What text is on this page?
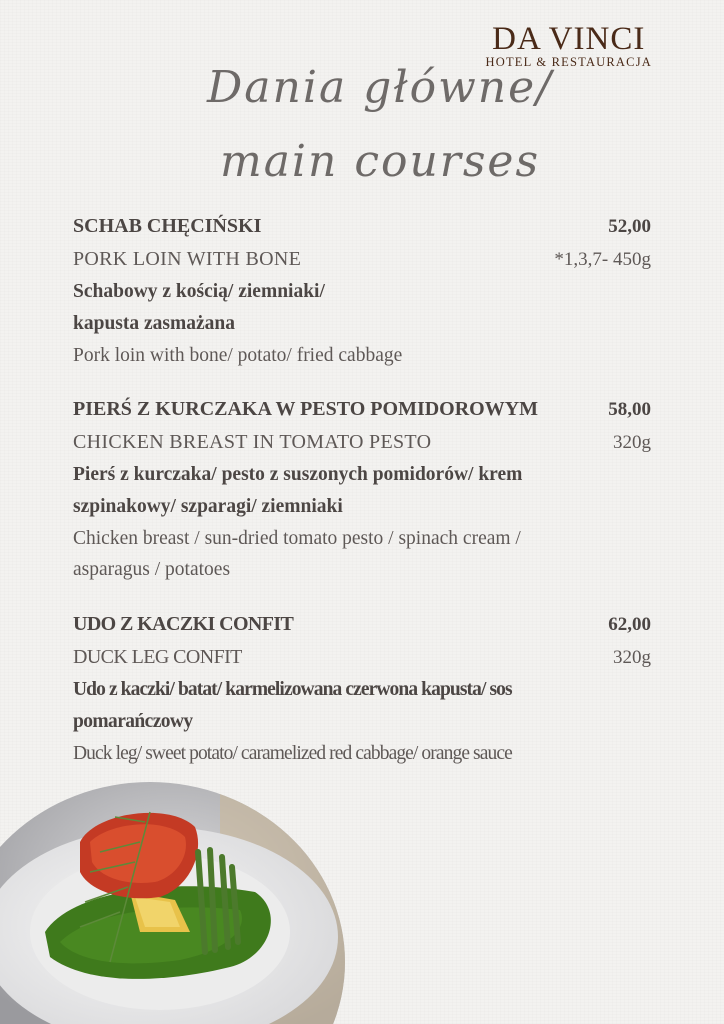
DA VINCI
HOTEL & RESTAURACJA
Dania główne/
main courses
SCHAB CHĘCIŃSKI	52,00
PORK LOIN WITH BONE	*1,3,7- 450g
Schabowy z kością/ ziemniaki/
kapusta zasmażana
Pork loin with bone/ potato/ fried cabbage
PIERŚ Z KURCZAKA W PESTO POMIDOROWYM	58,00
CHICKEN BREAST IN TOMATO PESTO	320g
Pierś z kurczaka/ pesto z suszonych pomidorów/ krem
szpinakowy/ szparagi/ ziemniaki
Chicken breast / sun-dried tomato pesto / spinach cream /
asparagus / potatoes
UDO Z KACZKI CONFIT	62,00
DUCK LEG CONFIT	320g
Udo z kaczki/ batat/ karmelizowana czerwona kapusta/ sos
pomarańczowy
Duck leg/ sweet potato/ caramelized red cabbage/ orange sauce
